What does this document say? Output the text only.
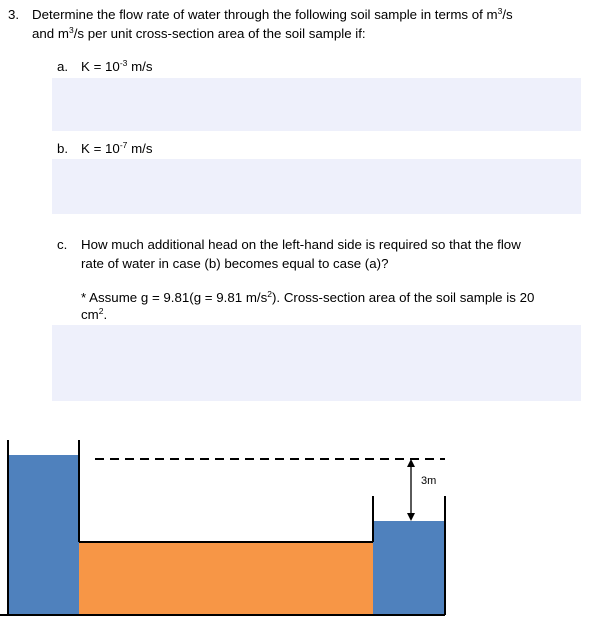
3. Determine the flow rate of water through the following soil sample in terms of $m^3/s$
and $m^3/s$ per unit cross-section area of the soil sample if:
a. $K = 10^{-3}$ m/s
b. $K = 10^{-7}$ m/s
c. How much additional head on the left-hand side is required so that the flow
rate of water in case (b) becomes equal to case (a)?
* Assume g = 9.81(g = 9.81 $m/s^2$). Cross-section area of the soil sample is 20
$cm^2$.
3m
